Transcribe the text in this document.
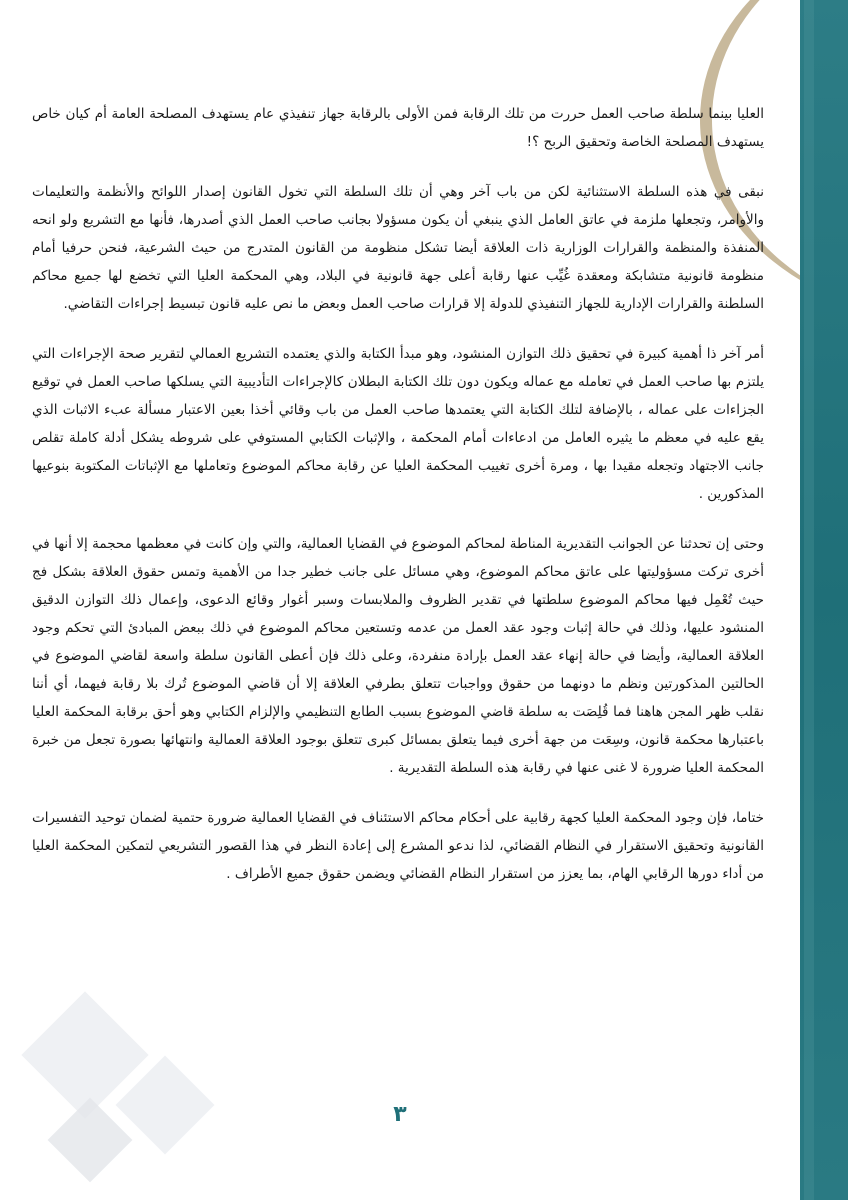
العليا بينما سلطة صاحب العمل حررت من تلك الرقابة فمن الأولى بالرقابة جهاز تنفيذي عام يستهدف المصلحة العامة أم كيان خاص يستهدف المصلحة الخاصة وتحقيق الربح ؟!

نبقى في هذه السلطة الاستثنائية لكن من باب آخر وهي أن تلك السلطة التي تخول القانون إصدار اللوائح والأنظمة والتعليمات والأوامر، وتجعلها ملزمة في عاتق العامل الذي ينبغي أن يكون مسؤولا بجانب صاحب العمل الذي أصدرها، فأنها مع التشريع ولو انحه المنفذة والمنظمة والقرارات الوزارية ذات العلاقة أيضا تشكل منظومة من القانون المتدرج من حيث الشرعية، فنحن حرفيا أمام منظومة قانونية متشابكة ومعقدة غُيِّب عنها رقابة أعلى جهة قانونية في البلاد، وهي المحكمة العليا التي تخضع لها جميع محاكم السلطنة والقرارات الإدارية للجهاز التنفيذي للدولة إلا قرارات صاحب العمل وبعض ما نص عليه قانون تبسيط إجراءات التقاضي.

أمر آخر ذا أهمية كبيرة في تحقيق ذلك التوازن المنشود، وهو مبدأ الكتابة والذي يعتمده التشريع العمالي لتقرير صحة الإجراءات التي يلتزم بها صاحب العمل في تعامله مع عماله ويكون دون تلك الكتابة البطلان كالإجراءات التأديبية التي يسلكها صاحب العمل في توقيع الجزاءات على عماله ، بالإضافة لتلك الكتابة التي يعتمدها صاحب العمل من باب وقائي أخذا بعين الاعتبار مسألة عبء الاثبات الذي يقع عليه في معظم ما يثيره العامل من ادعاءات أمام المحكمة ، والإثبات الكتابي المستوفي على شروطه يشكل أدلة كاملة تقلص جانب الاجتهاد وتجعله مقيدا بها ، ومرة أخرى تغييب المحكمة العليا عن رقابة محاكم الموضوع وتعاملها مع الإثباتات المكتوبة بنوعيها المذكورين .

وحتى إن تحدثنا عن الجوانب التقديرية المناطة لمحاكم الموضوع في القضايا العمالية، والتي وإن كانت في معظمها محجمة إلا أنها في أخرى تركت مسؤوليتها على عاتق محاكم الموضوع، وهي مسائل على جانب خطير جدا من الأهمية وتمس حقوق العلاقة بشكل فج حيث تُعْمِل فيها محاكم الموضوع سلطتها في تقدير الظروف والملابسات وسبر أغوار وقائع الدعوى، وإعمال ذلك التوازن الدقيق المنشود عليها، وذلك في حالة إثبات وجود عقد العمل من عدمه وتستعين محاكم الموضوع في ذلك ببعض المبادئ التي تحكم وجود العلاقة العمالية، وأيضا في حالة إنهاء عقد العمل بإرادة منفردة، وعلى ذلك فإن أعطى القانون سلطة واسعة لقاضي الموضوع في الحالتين المذكورتين ونظم ما دونهما من حقوق وواجبات تتعلق بطرفي العلاقة إلا أن قاضي الموضوع تُرك بلا رقابة فيهما، أي أننا نقلب ظهر المجن هاهنا فما قُلِصَت به سلطة قاضي الموضوع بسبب الطابع التنظيمي والإلزام الكتابي وهو أحق برقابة المحكمة العليا باعتبارها محكمة قانون، وسِعَت من جهة أخرى فيما يتعلق بمسائل كبرى تتعلق بوجود العلاقة العمالية وانتهائها بصورة تجعل من خبرة المحكمة العليا ضرورة لا غنى عنها في رقابة هذه السلطة التقديرية .

ختاما، فإن وجود المحكمة العليا كجهة رقابية على أحكام محاكم الاستئناف في القضايا العمالية ضرورة حتمية لضمان توحيد التفسيرات القانونية وتحقيق الاستقرار في النظام القضائي، لذا ندعو المشرع إلى إعادة النظر في هذا القصور التشريعي لتمكين المحكمة العليا من أداء دورها الرقابي الهام، بما يعزز من استقرار النظام القضائي ويضمن حقوق جميع الأطراف .

٣
